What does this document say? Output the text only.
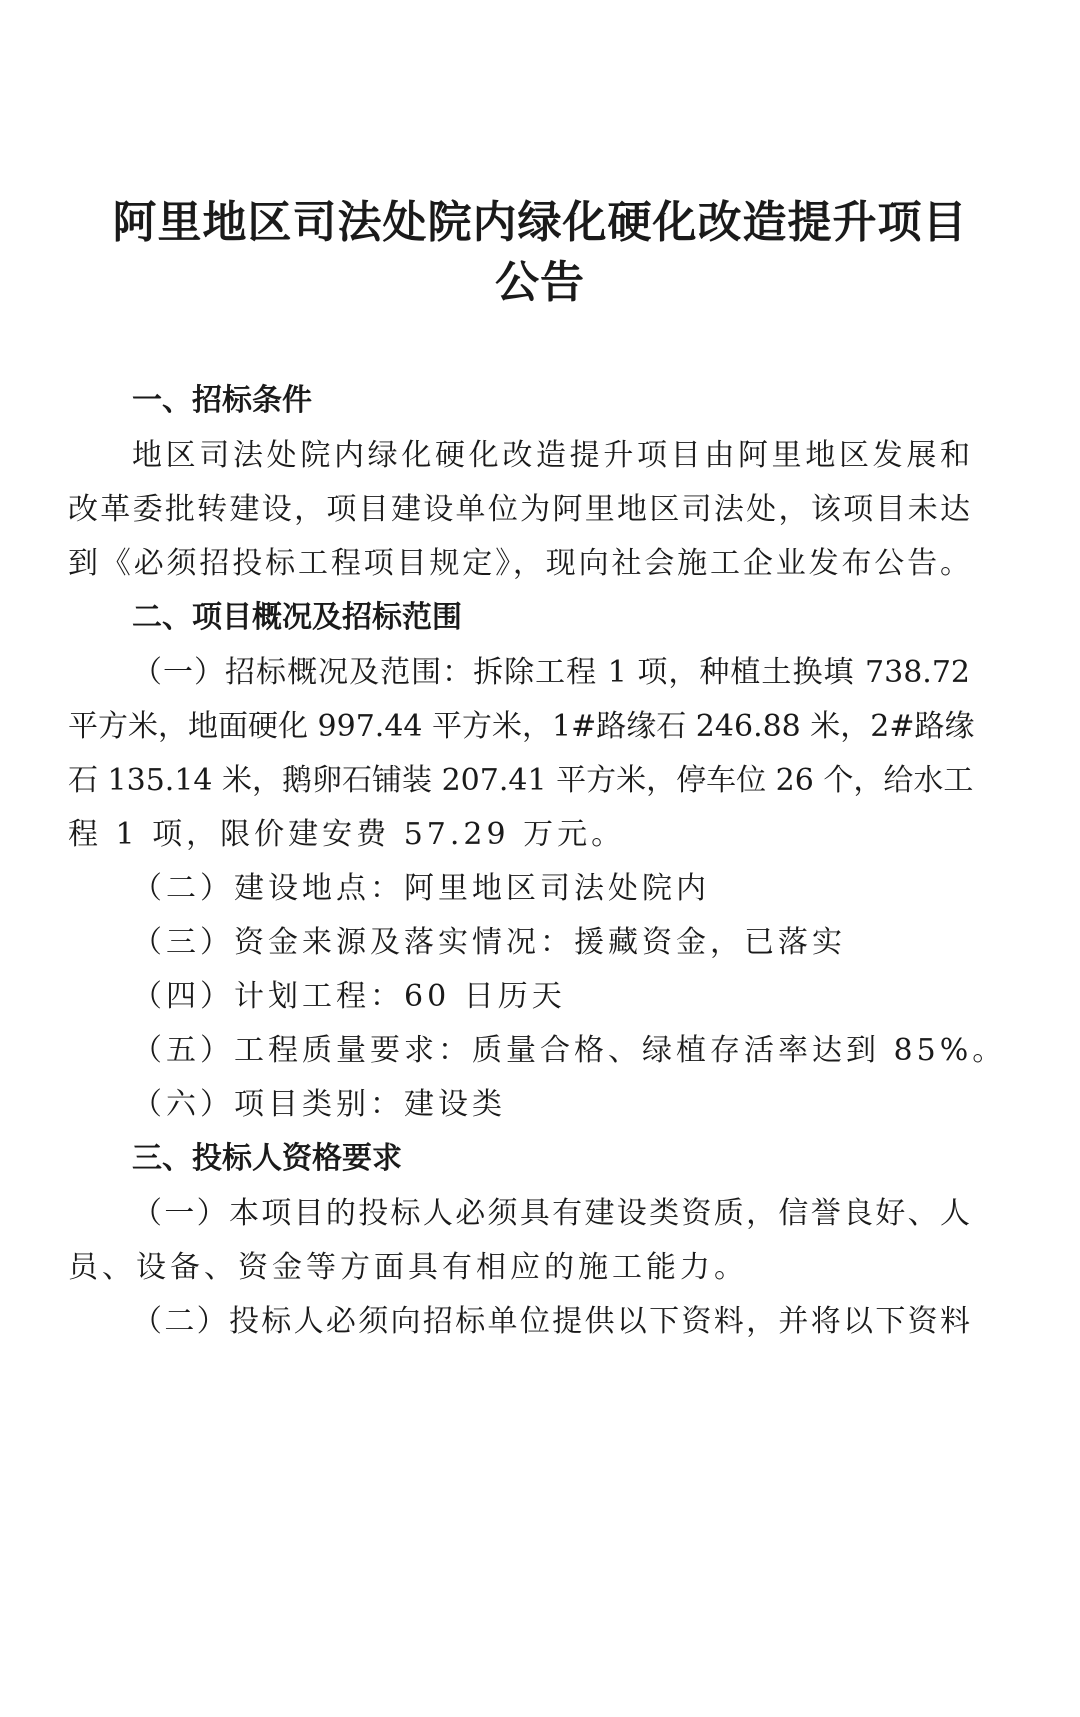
阿里地区司法处院内绿化硬化改造提升项目
公告
一、招标条件
地区司法处院内绿化硬化改造提升项目由阿里地区发展和
改革委批转建设，项目建设单位为阿里地区司法处，该项目未达
到《必须招投标工程项目规定》，现向社会施工企业发布公告。
二、项目概况及招标范围
（一）招标概况及范围：拆除工程 1 项，种植土换填 738.72
平方米，地面硬化 997.44 平方米，1#路缘石 246.88 米，2#路缘
石 135.14 米，鹅卵石铺装 207.41 平方米，停车位 26 个，给水工
程 1 项，限价建安费 57.29 万元。
（二）建设地点：阿里地区司法处院内
（三）资金来源及落实情况：援藏资金，已落实
（四）计划工程：60 日历天
（五）工程质量要求：质量合格、绿植存活率达到 85%。
（六）项目类别：建设类
三、投标人资格要求
（一）本项目的投标人必须具有建设类资质，信誉良好、人
员、设备、资金等方面具有相应的施工能力。
（二）投标人必须向招标单位提供以下资料，并将以下资料
